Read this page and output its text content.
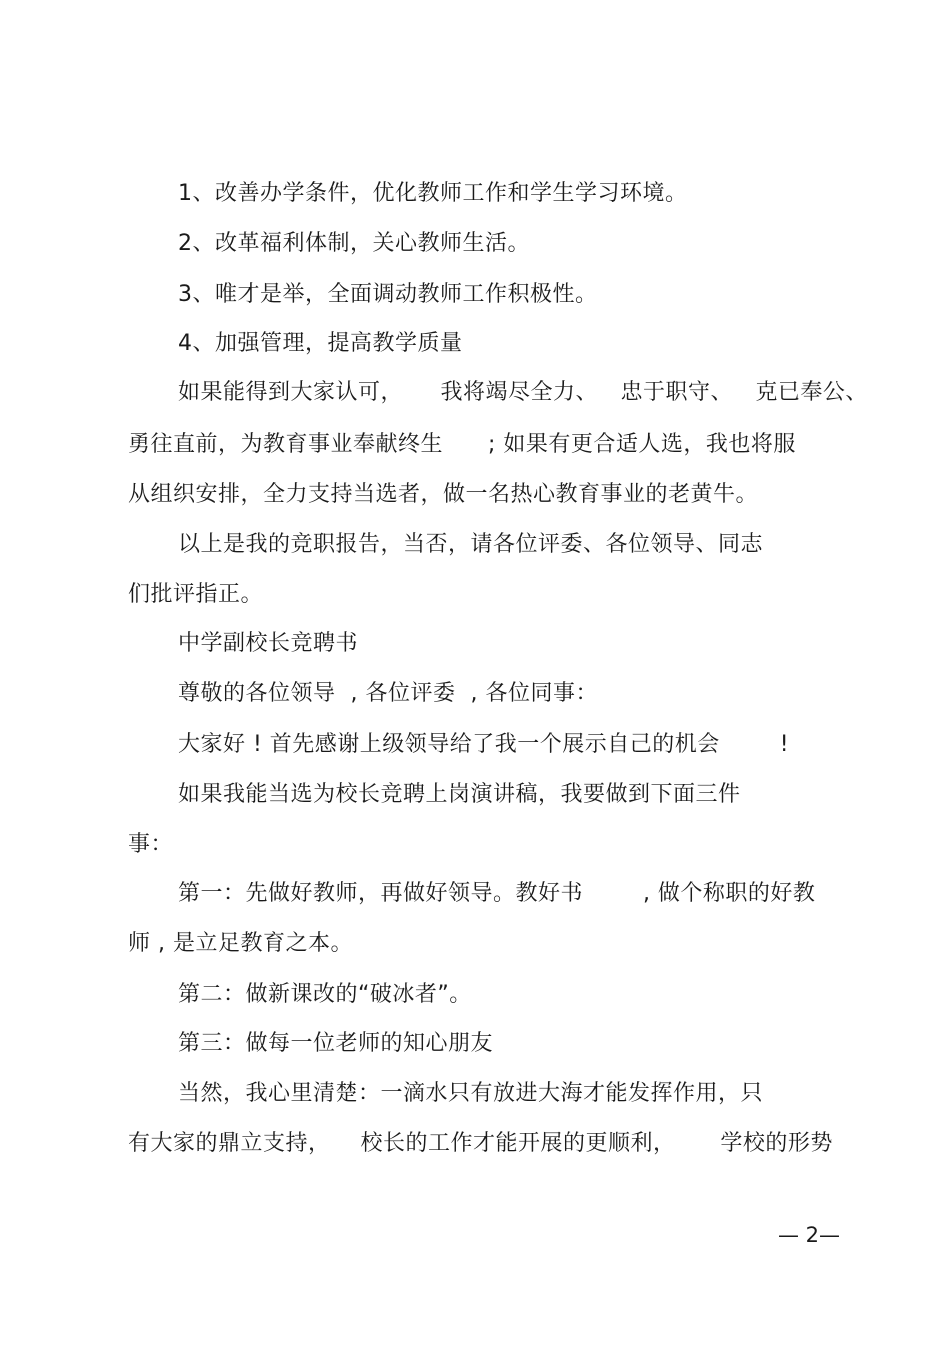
1、改善办学条件，优化教师工作和学生学习环境。
2、改革福利体制，关心教师生活。
3、唯才是举，全面调动教师工作积极性。
4、加强管理，提高教学质量
如果能得到大家认可，     我将竭尽全力、   忠于职守、   克已奉公、
勇往直前，为教育事业奉献终生      ; 如果有更合适人选，我也将服
从组织安排，全力支持当选者，做一名热心教育事业的老黄牛。
以上是我的竞职报告，当否，请各位评委、各位领导、同志
们批评指正。
中学副校长竞聘书
尊敬的各位领导  , 各位评委  , 各位同事：
大家好 ! 首先感谢上级领导给了我一个展示自己的机会        !
如果我能当选为校长竞聘上岗演讲稿，我要做到下面三件
事：
第一：先做好教师，再做好领导。教好书        , 做个称职的好教
师 , 是立足教育之本。
第二：做新课改的“破冰者”。
第三：做每一位老师的知心朋友
当然，我心里清楚：一滴水只有放进大海才能发挥作用，只
有大家的鼎立支持，    校长的工作才能开展的更顺利，      学校的形势
— 2—
